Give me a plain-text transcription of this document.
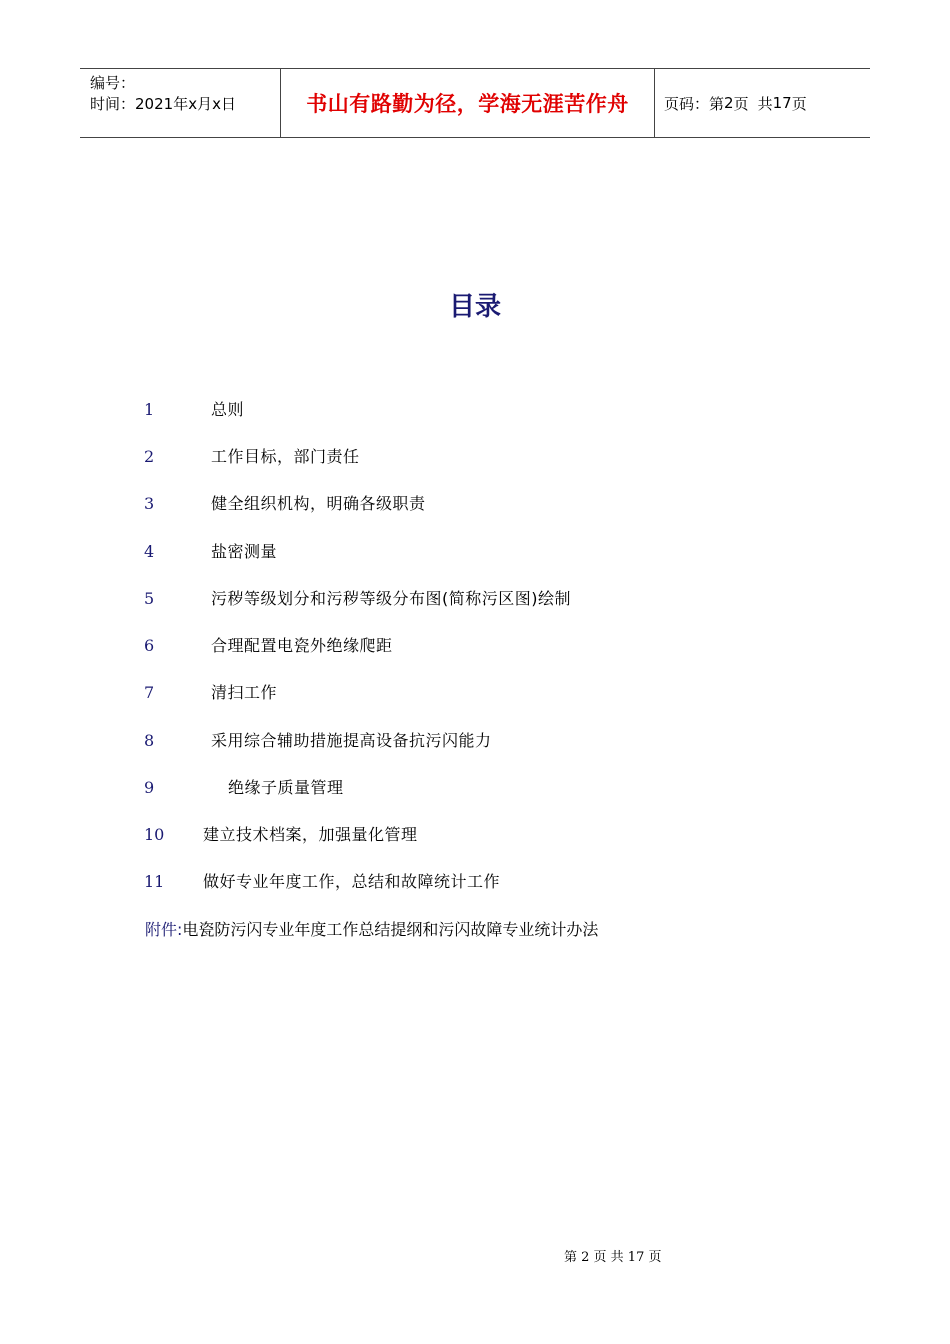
编号：
时间：2021年x月x日	书山有路勤为径，学海无涯苦作舟	页码：第 2 页 共 17 页
目录
1	总则
2	工作目标，部门责任
3	健全组织机构，明确各级职责
4	盐密测量
5	污秽等级划分和污秽等级分布图(简称污区图)绘制
6	合理配置电瓷外绝缘爬距
7	清扫工作
8	采用综合辅助措施提高设备抗污闪能力
9	绝缘子质量管理
10 建立技术档案，加强量化管理
11 做好专业年度工作，总结和故障统计工作
附件:电瓷防污闪专业年度工作总结提纲和污闪故障专业统计办法
第 2 页 共 17 页
